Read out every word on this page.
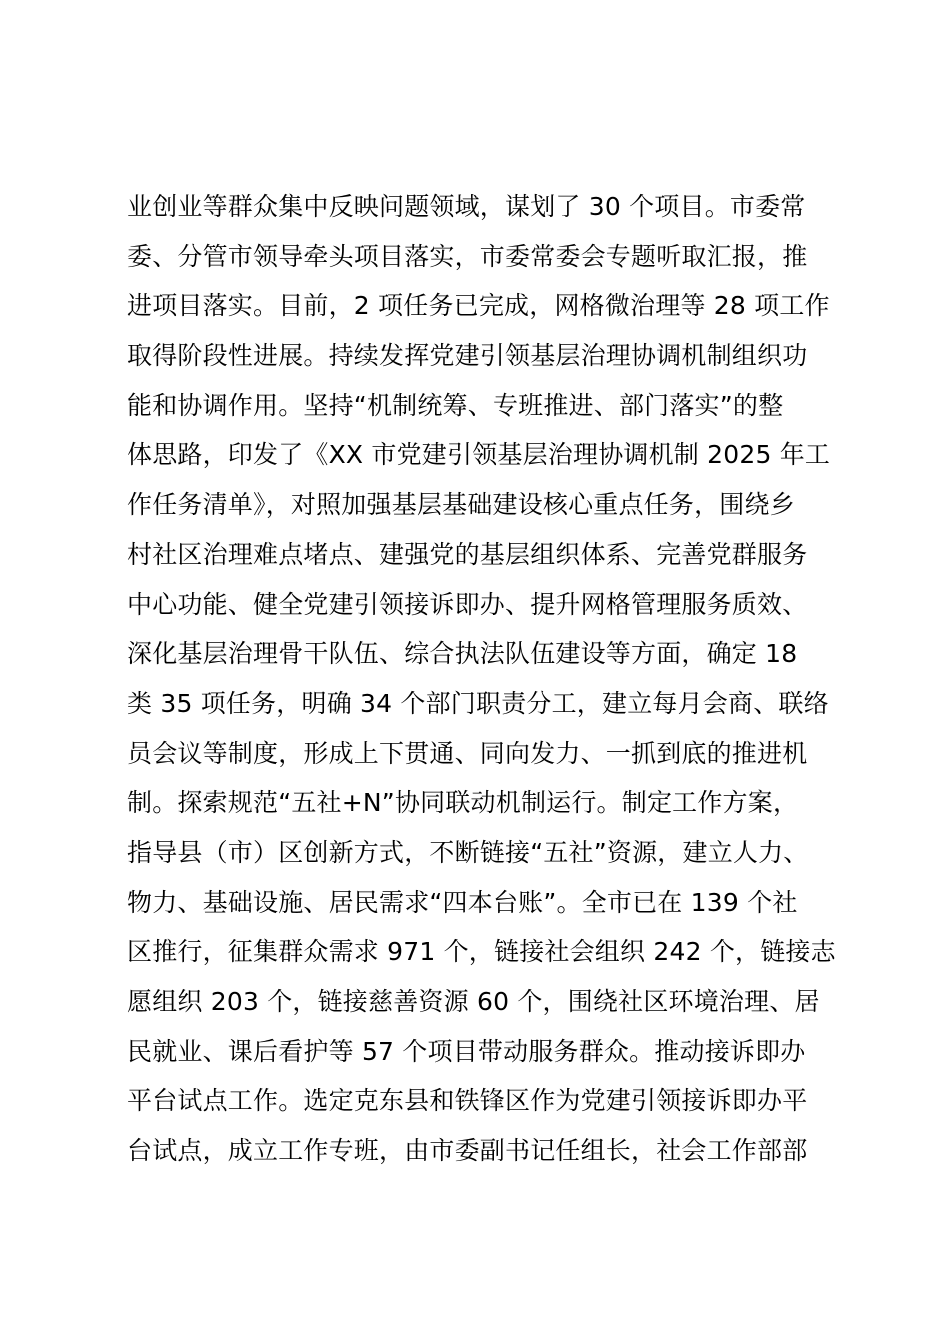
业创业等群众集中反映问题领域，谋划了 30 个项目。市委常
委、分管市领导牵头项目落实，市委常委会专题听取汇报，推
进项目落实。目前，2 项任务已完成，网格微治理等 28 项工作
取得阶段性进展。持续发挥党建引领基层治理协调机制组织功
能和协调作用。坚持“机制统筹、专班推进、部门落实”的整
体思路，印发了《XX 市党建引领基层治理协调机制 2025 年工
作任务清单》，对照加强基层基础建设核心重点任务，围绕乡
村社区治理难点堵点、建强党的基层组织体系、完善党群服务
中心功能、健全党建引领接诉即办、提升网格管理服务质效、
深化基层治理骨干队伍、综合执法队伍建设等方面，确定 18
类 35 项任务，明确 34 个部门职责分工，建立每月会商、联络
员会议等制度，形成上下贯通、同向发力、一抓到底的推进机
制。探索规范“五社+N”协同联动机制运行。制定工作方案，
指导县（市）区创新方式，不断链接“五社”资源，建立人力、
物力、基础设施、居民需求“四本台账”。全市已在 139 个社
区推行，征集群众需求 971 个，链接社会组织 242 个，链接志
愿组织 203 个，链接慈善资源 60 个，围绕社区环境治理、居
民就业、课后看护等 57 个项目带动服务群众。推动接诉即办
平台试点工作。选定克东县和铁锋区作为党建引领接诉即办平
台试点，成立工作专班，由市委副书记任组长，社会工作部部
